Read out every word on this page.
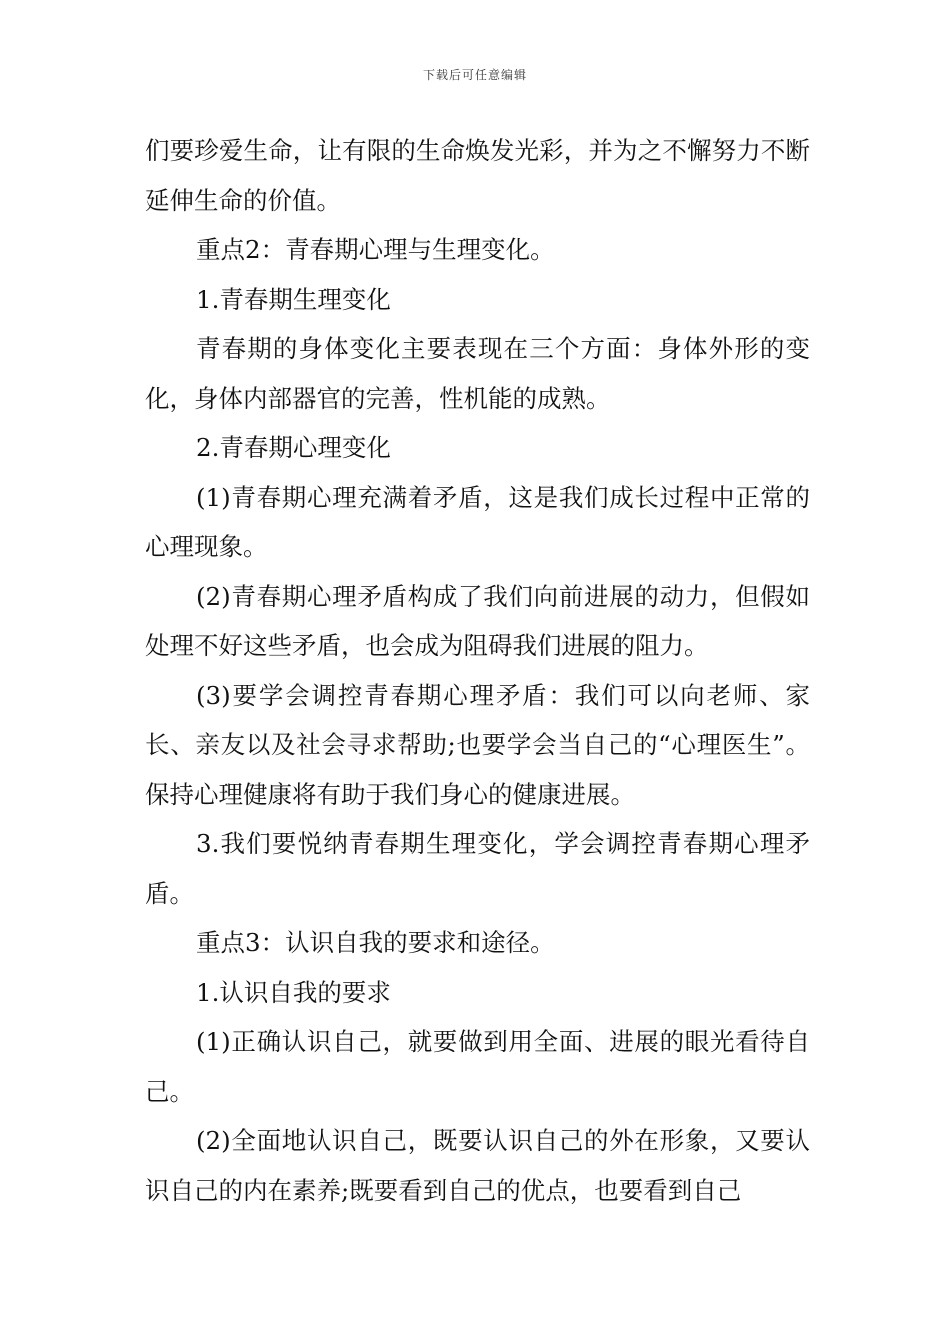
下载后可任意编辑

们要珍爱生命，让有限的生命焕发光彩，并为之不懈努力不断延伸生命的价值。

重点2：青春期心理与生理变化。

1.青春期生理变化

青春期的身体变化主要表现在三个方面：身体外形的变化，身体内部器官的完善，性机能的成熟。

2.青春期心理变化

(1)青春期心理充满着矛盾，这是我们成长过程中正常的心理现象。

(2)青春期心理矛盾构成了我们向前进展的动力，但假如处理不好这些矛盾，也会成为阻碍我们进展的阻力。

(3)要学会调控青春期心理矛盾：我们可以向老师、家长、亲友以及社会寻求帮助;也要学会当自己的“心理医生”。保持心理健康将有助于我们身心的健康进展。

3.我们要悦纳青春期生理变化，学会调控青春期心理矛盾。

重点3：认识自我的要求和途径。

1.认识自我的要求

(1)正确认识自己，就要做到用全面、进展的眼光看待自己。

(2)全面地认识自己，既要认识自己的外在形象，又要认识自己的内在素养;既要看到自己的优点，也要看到自己
